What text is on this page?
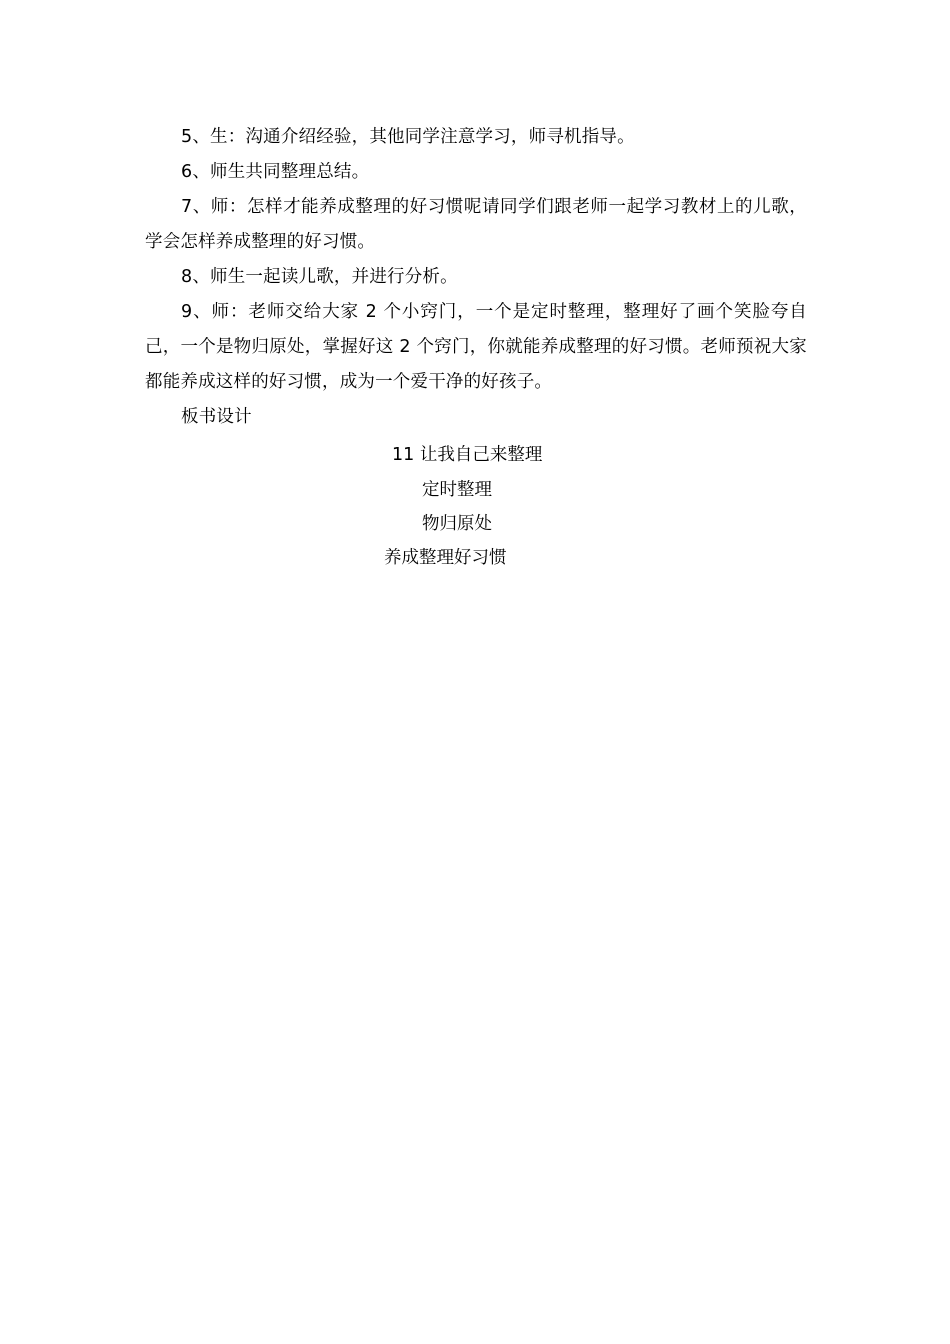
5、生：沟通介绍经验，其他同学注意学习，师寻机指导。

6、师生共同整理总结。

7、师：怎样才能养成整理的好习惯呢请同学们跟老师一起学习教材上的儿歌，学会怎样养成整理的好习惯。

8、师生一起读儿歌，并进行分析。

9、师：老师交给大家 2 个小窍门，一个是定时整理，整理好了画个笑脸夸自己，一个是物归原处，掌握好这 2 个窍门，你就能养成整理的好习惯。老师预祝大家都能养成这样的好习惯，成为一个爱干净的好孩子。

板书设计

11 让我自己来整理
定时整理
物归原处
养成整理好习惯
